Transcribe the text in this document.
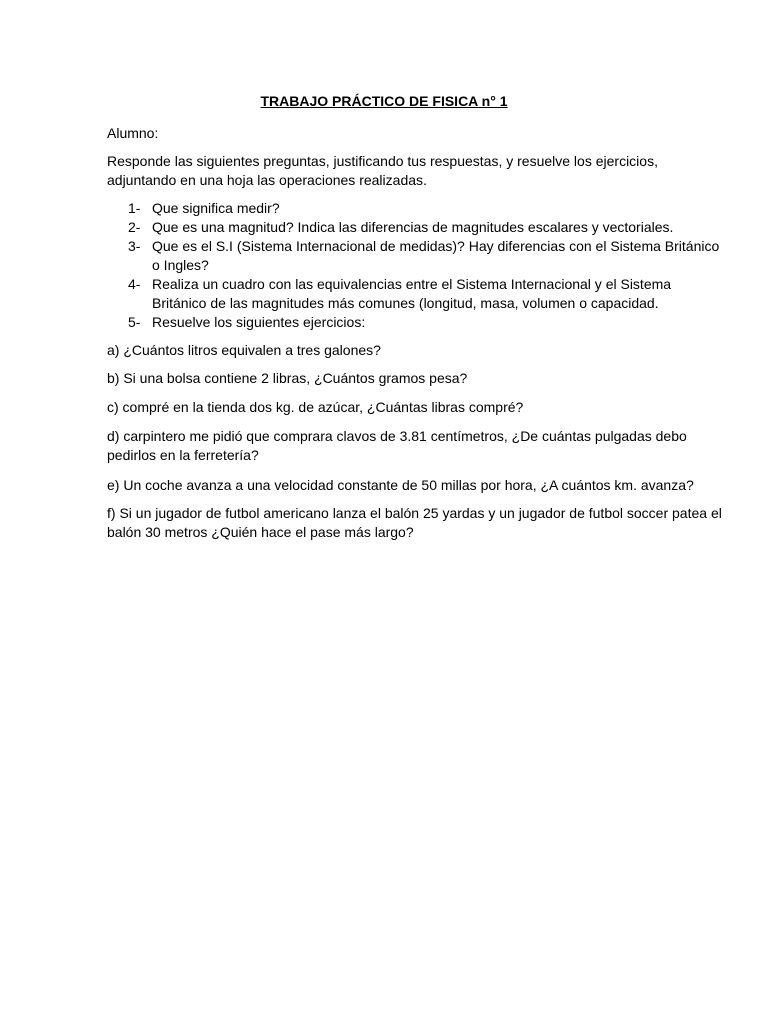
TRABAJO PRÁCTICO DE FISICA n° 1
Alumno:
Responde las siguientes preguntas, justificando tus respuestas, y resuelve los ejercicios,
adjuntando en una hoja las operaciones realizadas.
1- Que significa medir?
2- Que es una magnitud? Indica las diferencias de magnitudes escalares y vectoriales.
3- Que es el S.I (Sistema Internacional de medidas)? Hay diferencias con el Sistema Británico
o Ingles?
4- Realiza un cuadro con las equivalencias entre el Sistema Internacional y el Sistema
Británico de las magnitudes más comunes (longitud, masa, volumen o capacidad.
5- Resuelve los siguientes ejercicios:
a) ¿Cuántos litros equivalen a tres galones?
b) Si una bolsa contiene 2 libras, ¿Cuántos gramos pesa?
c) compré en la tienda dos kg. de azúcar, ¿Cuántas libras compré?
d) carpintero me pidió que comprara clavos de 3.81 centímetros, ¿De cuántas pulgadas debo
pedirlos en la ferretería?
e) Un coche avanza a una velocidad constante de 50 millas por hora, ¿A cuántos km. avanza?
f) Si un jugador de futbol americano lanza el balón 25 yardas y un jugador de futbol soccer patea el
balón 30 metros ¿Quién hace el pase más largo?
